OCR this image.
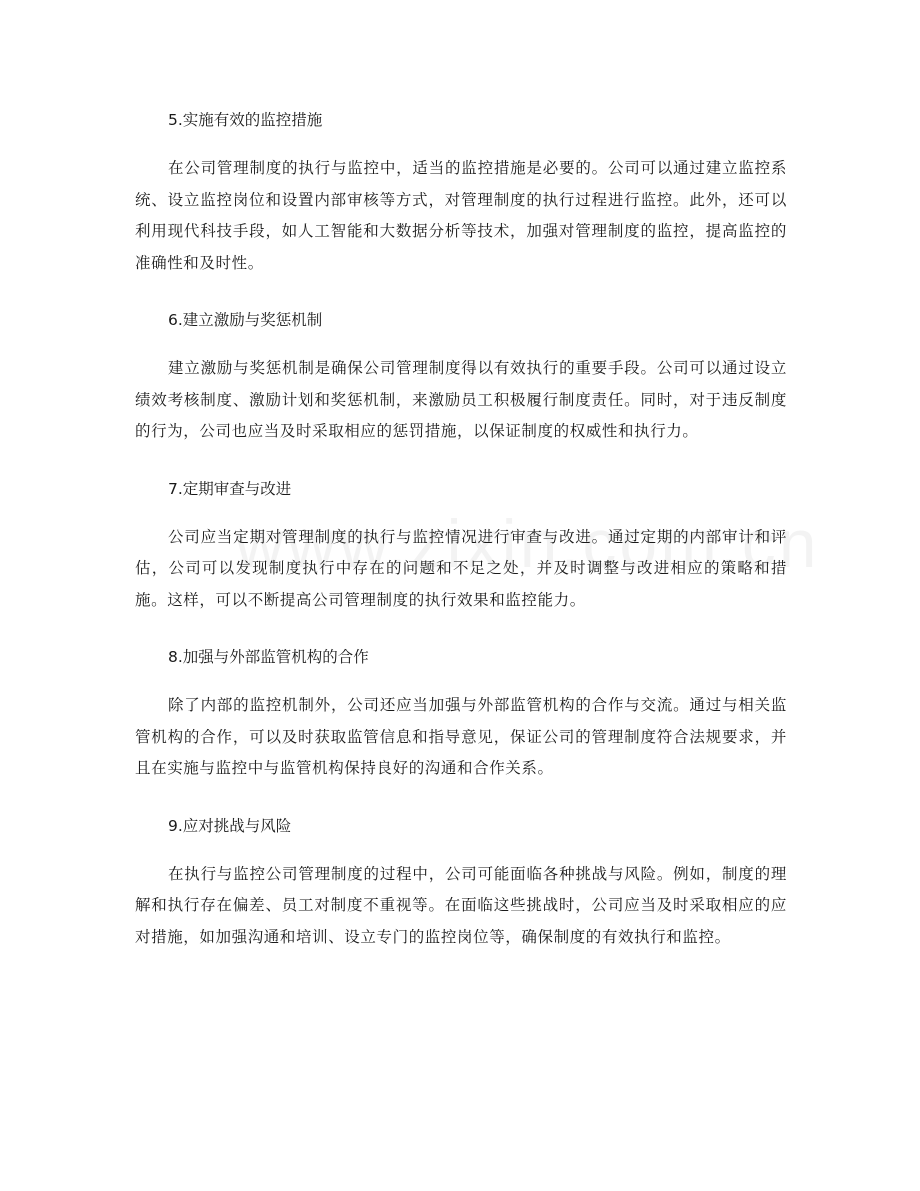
5.实施有效的监控措施

在公司管理制度的执行与监控中，适当的监控措施是必要的。公司可以通过建立监控系统、设立监控岗位和设置内部审核等方式，对管理制度的执行过程进行监控。此外，还可以利用现代科技手段，如人工智能和大数据分析等技术，加强对管理制度的监控，提高监控的准确性和及时性。

6.建立激励与奖惩机制

建立激励与奖惩机制是确保公司管理制度得以有效执行的重要手段。公司可以通过设立绩效考核制度、激励计划和奖惩机制，来激励员工积极履行制度责任。同时，对于违反制度的行为，公司也应当及时采取相应的惩罚措施，以保证制度的权威性和执行力。

7.定期审查与改进

公司应当定期对管理制度的执行与监控情况进行审查与改进。通过定期的内部审计和评估，公司可以发现制度执行中存在的问题和不足之处，并及时调整与改进相应的策略和措施。这样，可以不断提高公司管理制度的执行效果和监控能力。

8.加强与外部监管机构的合作

除了内部的监控机制外，公司还应当加强与外部监管机构的合作与交流。通过与相关监管机构的合作，可以及时获取监管信息和指导意见，保证公司的管理制度符合法规要求，并且在实施与监控中与监管机构保持良好的沟通和合作关系。

9.应对挑战与风险

在执行与监控公司管理制度的过程中，公司可能面临各种挑战与风险。例如，制度的理解和执行存在偏差、员工对制度不重视等。在面临这些挑战时，公司应当及时采取相应的应对措施，如加强沟通和培训、设立专门的监控岗位等，确保制度的有效执行和监控。
